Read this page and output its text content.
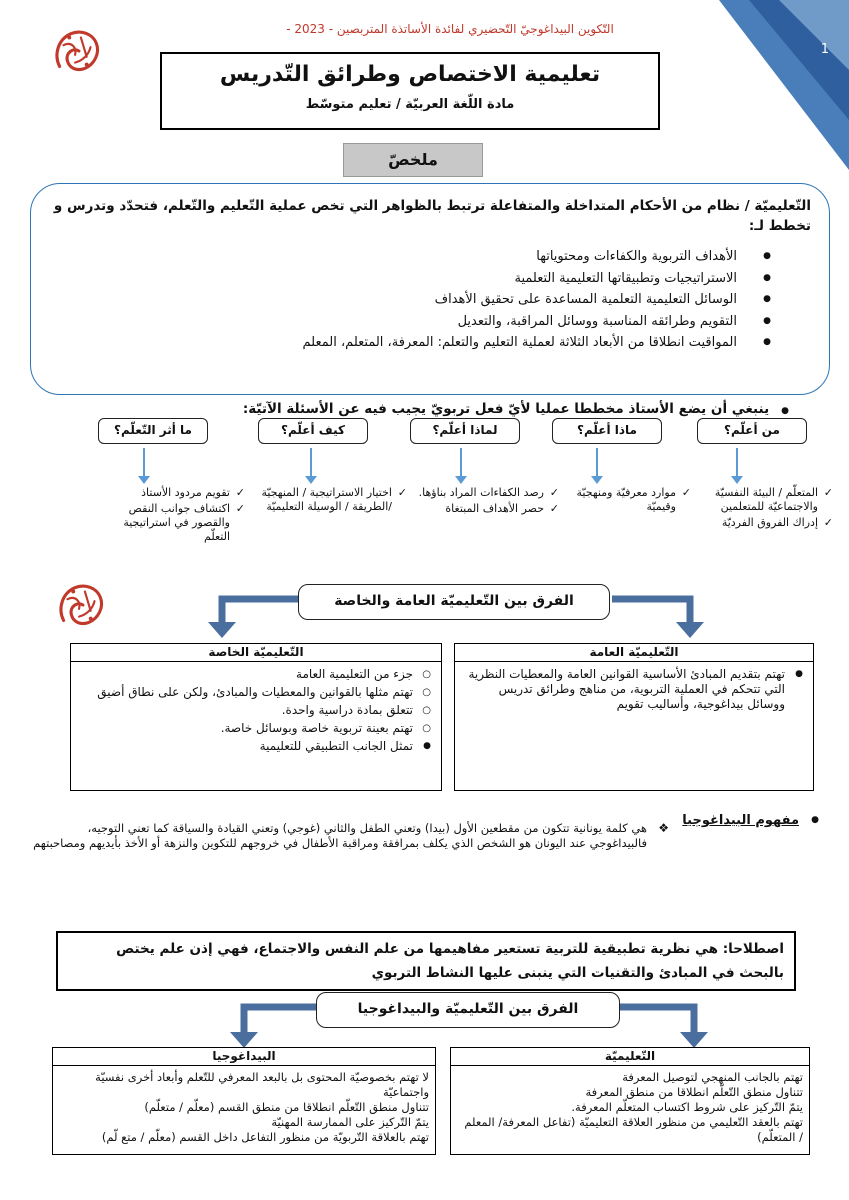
1
التّكوين البيداغوجيّ التّحضيري لفائدة الأساتذة المتربصين - 2023 -
تعليمية الاختصاص وطرائق التّدريس
مادة اللّغة العربيّة / تعليم متوسّط
ملخصّ
التّعليميّة / نظام من الأحكام المتداخلة والمتفاعلة ترتبط بالظواهر التي تخص عملية التّعليم والتّعلم، فتحدّد وتدرس و تخطط لـ:
● الأهداف التربوية والكفاءات ومحتوياتها
● الاستراتيجيات وتطبيقاتها التعليمية التعلمية
● الوسائل التعليمية التعلمية المساعدة على تحقيق الأهداف
● التقويم وطرائقه المناسبة ووسائل المراقبة، والتعديل
● المواقيت انطلاقا من الأبعاد الثلاثة لعملية التعليم والتعلم: المعرفة، المتعلم، المعلم
● ينبغي أن يضع الأستاذ مخططا عمليا لأيّ فعل تربويّ يجيب فيه عن الأسئلة الآتيّة:
من أعلّم؟
ماذا أعلّم؟
لماذا أعلّم؟
كيف أعلّم؟
ما أثر التّعلّم؟
✓ المتعلّم / البيئة النفسيّة والاجتماعيّة للمتعلمين
✓ إدراك الفروق الفرديّة
✓ موارد معرفيّة ومنهجيّة وقيميّة
✓ رصد الكفاءات المراد بناؤها.
✓ حصر الأهداف المبتغاة
✓ اختيار الاستراتيجية / المنهجيّة /الطريقة / الوسيلة التعليميّة
✓ تقويم مردود الأستاذ
✓ اكتشاف جوانب النقص والقصور في استراتيجية التعلّم
الفرق بين التّعليميّة العامة والخاصة
التّعليميّة العامة
● تهتم بتقديم المبادئ الأساسية القوانين العامة والمعطيات النظرية التي تتحكم في العملية التربوية، من مناهج وطرائق تدريس ووسائل بيداغوجية، وأساليب تقويم
التّعليميّة الخاصة
○ جزء من التعليمية العامة
○ تهتم مثلها بالقوانين والمعطيات والمبادئ، ولكن على نطاق أضيق
○ تتعلق بمادة دراسية واحدة.
○ تهتم بعينة تربوية خاصة وبوسائل خاصة.
● تمثل الجانب التطبيقي للتعليمية
● مفهوم البيداغوجيا
❖ هي كلمة يونانية تتكون من مقطعين الأول (بيدا) وتعني الطفل والثاني (غوجي) وتعني القيادة والسياقة كما تعني التوجيه، فالبيداغوجي عند اليونان هو الشخص الذي يكلف بمرافقة ومراقبة الأطفال في خروجهم للتكوين والنزهة أو الأخذ بأيديهم ومصاحبتهم
اصطلاحا: هي نظرية تطبيقية للتربية تستعير مفاهيمها من علم النفس والاجتماع، فهي إذن علم يختص بالبحث في المبادئ والتقنيات التي ينبنى عليها النشاط التربوي
الفرق بين التّعليميّة والبيداغوجيا
التّعليميّة
تهتم بالجانب المنهجي لتوصيل المعرفة
تتناول منطق التّعلّم انطلاقا من منطق المعرفة
يتمّ التّركيز على شروط اكتساب المتعلّم المعرفة.
تهتم بالعقد التّعليمي من منظور العلاقة التعليميّة (تفاعل المعرفة/ المعلم / المتعلّم)
البيداغوجيا
لا تهتم بخصوصيّة المحتوى بل بالبعد المعرفي للتّعلم وأبعاد أخرى نفسيّة واجتماعيّة
تتناول منطق التّعلّم انطلاقا من منطق القسم (معلّم / متعلّم)
يتمّ التّركيز على الممارسة المهنيّة
تهتم بالعلاقة التّربويّة من منظور التفاعل داخل القسم (معلّم / متع لّم)
